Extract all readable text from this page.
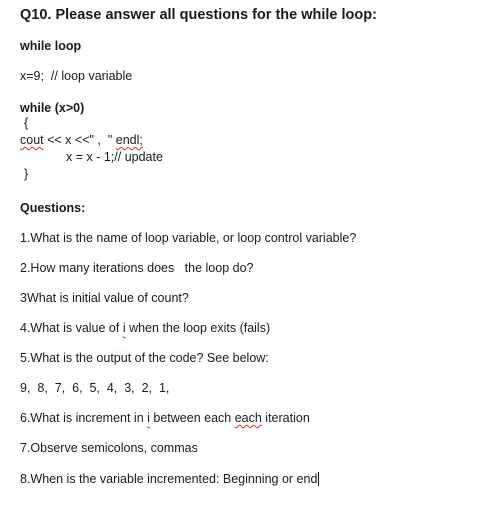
Q10. Please answer all questions for the while loop:
while loop
x=9;  // loop variable
while (x>0)
{
cout << x <<" ,  " endl;
x = x - 1;// update
}
Questions:
1.What is the name of loop variable, or loop control variable?
2.How many iterations does   the loop do?
3What is initial value of count?
4.What is value of i when the loop exits (fails)
5.What is the output of the code? See below:
9,  8,  7,  6,  5,  4,  3,  2,  1,
6.What is increment in i between each each iteration
7.Observe semicolons, commas
8.When is the variable incremented: Beginning or end
